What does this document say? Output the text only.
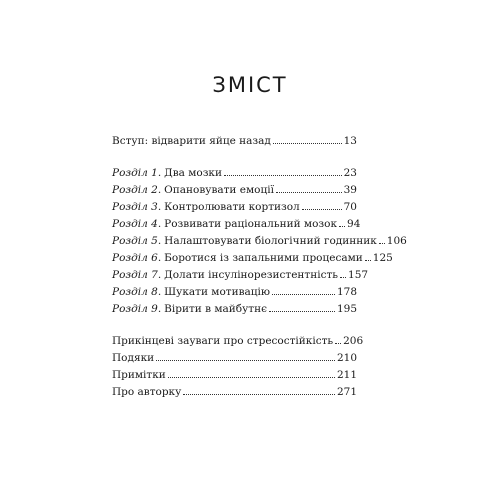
ЗМІСТ
Вступ: відварити яйце назад	13
Розділ 1. Два мозки	23
Розділ 2. Опановувати емоції	39
Розділ 3. Контролювати кортизол	70
Розділ 4. Розвивати раціональний мозок 94
Розділ 5. Налаштовувати біологічний годинник 106
Розділ 6. Боротися із запальними процесами 125
Розділ 7. Долати інсулінорезистентність 157
Розділ 8. Шукати мотивацію	178
Розділ 9. Вірити в майбутнє	195
Прикінцеві зауваги про стресостійкість 206
Подяки	210
Примітки	211
Про авторку	271
